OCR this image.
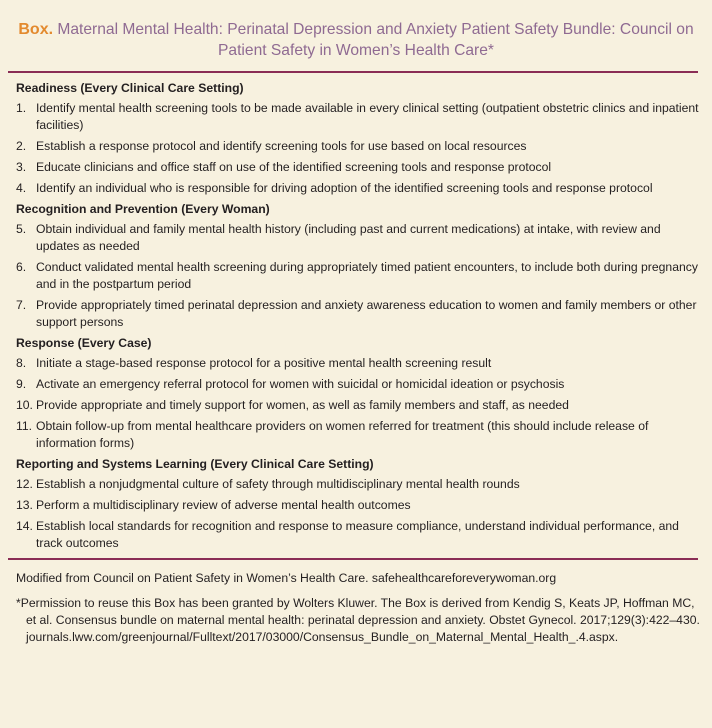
Box. Maternal Mental Health: Perinatal Depression and Anxiety Patient Safety Bundle: Council on Patient Safety in Women’s Health Care*
Readiness (Every Clinical Care Setting)
1. Identify mental health screening tools to be made available in every clinical setting (outpatient obstetric clinics and inpatient facilities)
2. Establish a response protocol and identify screening tools for use based on local resources
3. Educate clinicians and office staff on use of the identified screening tools and response protocol
4. Identify an individual who is responsible for driving adoption of the identified screening tools and response protocol
Recognition and Prevention (Every Woman)
5. Obtain individual and family mental health history (including past and current medications) at intake, with review and updates as needed
6. Conduct validated mental health screening during appropriately timed patient encounters, to include both during pregnancy and in the postpartum period
7. Provide appropriately timed perinatal depression and anxiety awareness education to women and family members or other support persons
Response (Every Case)
8. Initiate a stage-based response protocol for a positive mental health screening result
9. Activate an emergency referral protocol for women with suicidal or homicidal ideation or psychosis
10. Provide appropriate and timely support for women, as well as family members and staff, as needed
11. Obtain follow-up from mental healthcare providers on women referred for treatment (this should include release of information forms)
Reporting and Systems Learning (Every Clinical Care Setting)
12. Establish a nonjudgmental culture of safety through multidisciplinary mental health rounds
13. Perform a multidisciplinary review of adverse mental health outcomes
14. Establish local standards for recognition and response to measure compliance, understand individual performance, and track outcomes
Modified from Council on Patient Safety in Women’s Health Care. safehealthcareforeverywoman.org
*Permission to reuse this Box has been granted by Wolters Kluwer. The Box is derived from Kendig S, Keats JP, Hoffman MC, et al. Consensus bundle on maternal mental health: perinatal depression and anxiety. Obstet Gynecol. 2017;129(3):422–430. journals.lww.com/greenjournal/Fulltext/2017/03000/Consensus_Bundle_on_Maternal_Mental_Health_.4.aspx.
